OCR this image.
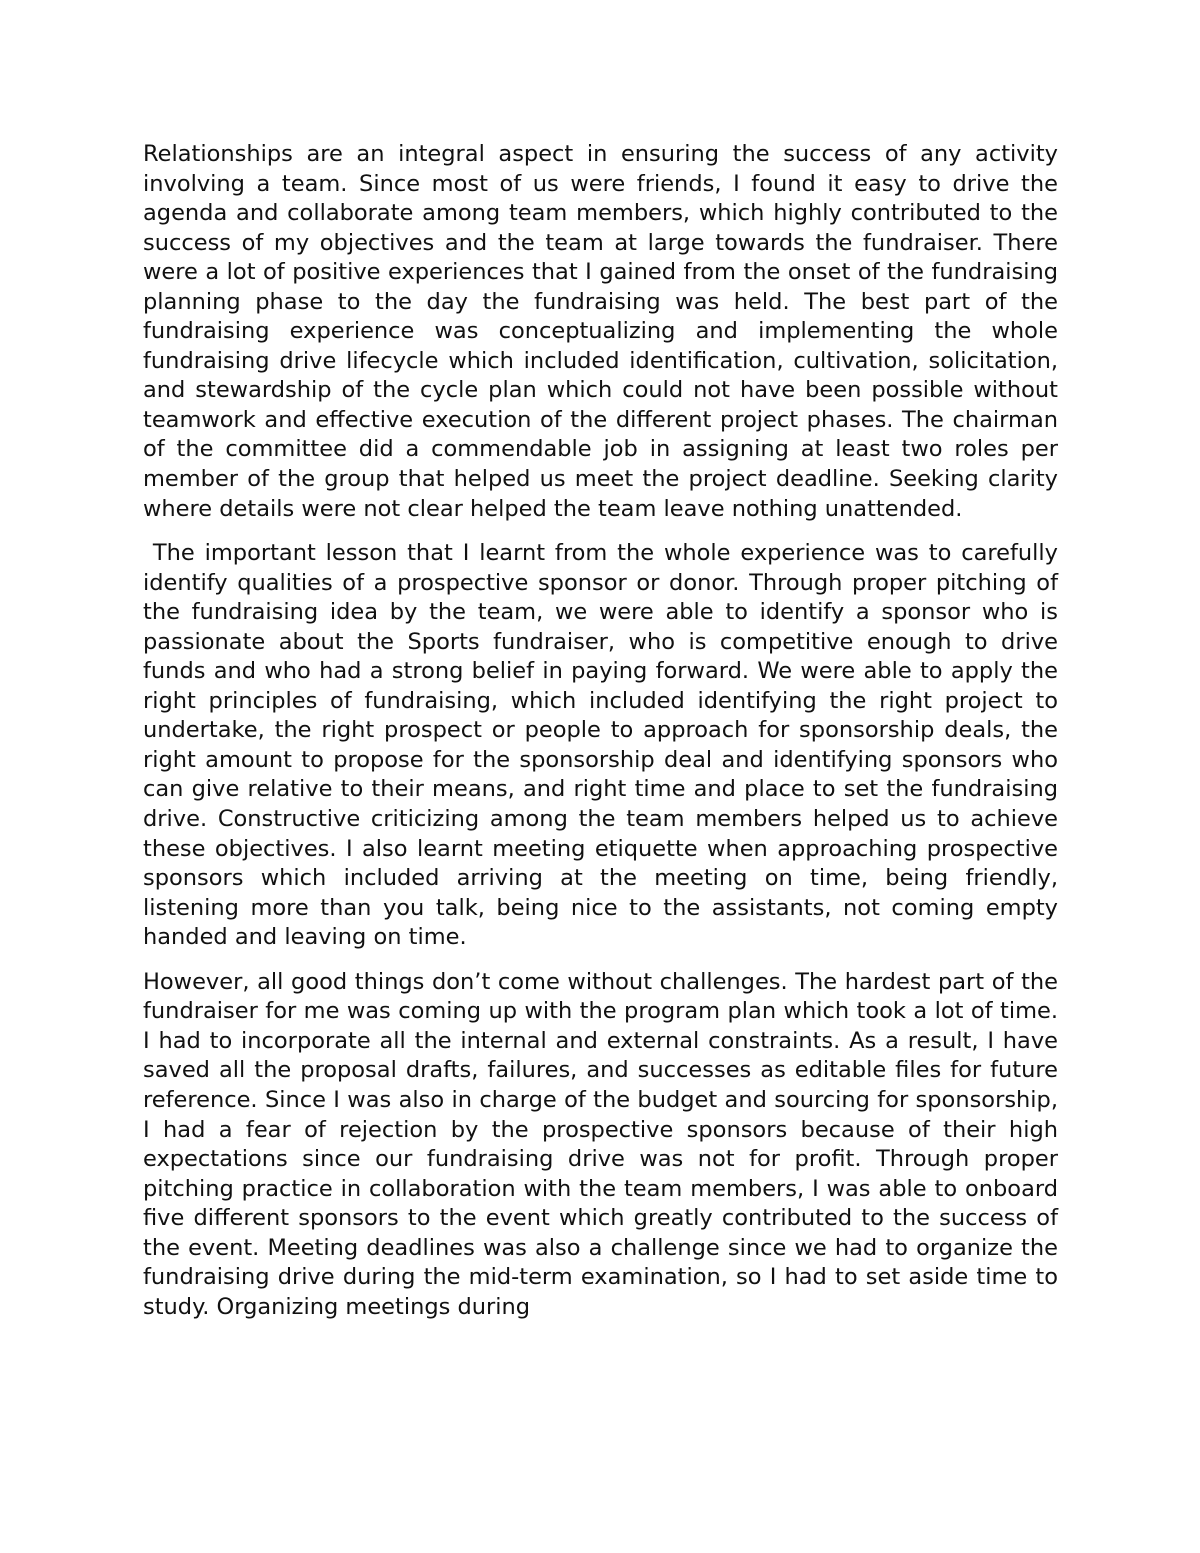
Relationships are an integral aspect in ensuring the success of any activity involving a team. Since most of us were friends, I found it easy to drive the agenda and collaborate among team members, which highly contributed to the success of my objectives and the team at large towards the fundraiser. There were a lot of positive experiences that I gained from the onset of the fundraising planning phase to the day the fundraising was held. The best part of the fundraising experience was conceptualizing and implementing the whole fundraising drive lifecycle which included identification, cultivation, solicitation, and stewardship of the cycle plan which could not have been possible without teamwork and effective execution of the different project phases. The chairman of the committee did a commendable job in assigning at least two roles per member of the group that helped us meet the project deadline. Seeking clarity where details were not clear helped the team leave nothing unattended.

The important lesson that I learnt from the whole experience was to carefully identify qualities of a prospective sponsor or donor. Through proper pitching of the fundraising idea by the team, we were able to identify a sponsor who is passionate about the Sports fundraiser, who is competitive enough to drive funds and who had a strong belief in paying forward. We were able to apply the right principles of fundraising, which included identifying the right project to undertake, the right prospect or people to approach for sponsorship deals, the right amount to propose for the sponsorship deal and identifying sponsors who can give relative to their means, and right time and place to set the fundraising drive. Constructive criticizing among the team members helped us to achieve these objectives. I also learnt meeting etiquette when approaching prospective sponsors which included arriving at the meeting on time, being friendly, listening more than you talk, being nice to the assistants, not coming empty handed and leaving on time.

However, all good things don’t come without challenges. The hardest part of the fundraiser for me was coming up with the program plan which took a lot of time. I had to incorporate all the internal and external constraints. As a result, I have saved all the proposal drafts, failures, and successes as editable files for future reference. Since I was also in charge of the budget and sourcing for sponsorship, I had a fear of rejection by the prospective sponsors because of their high expectations since our fundraising drive was not for profit. Through proper pitching practice in collaboration with the team members, I was able to onboard five different sponsors to the event which greatly contributed to the success of the event. Meeting deadlines was also a challenge since we had to organize the fundraising drive during the mid-term examination, so I had to set aside time to study. Organizing meetings during
